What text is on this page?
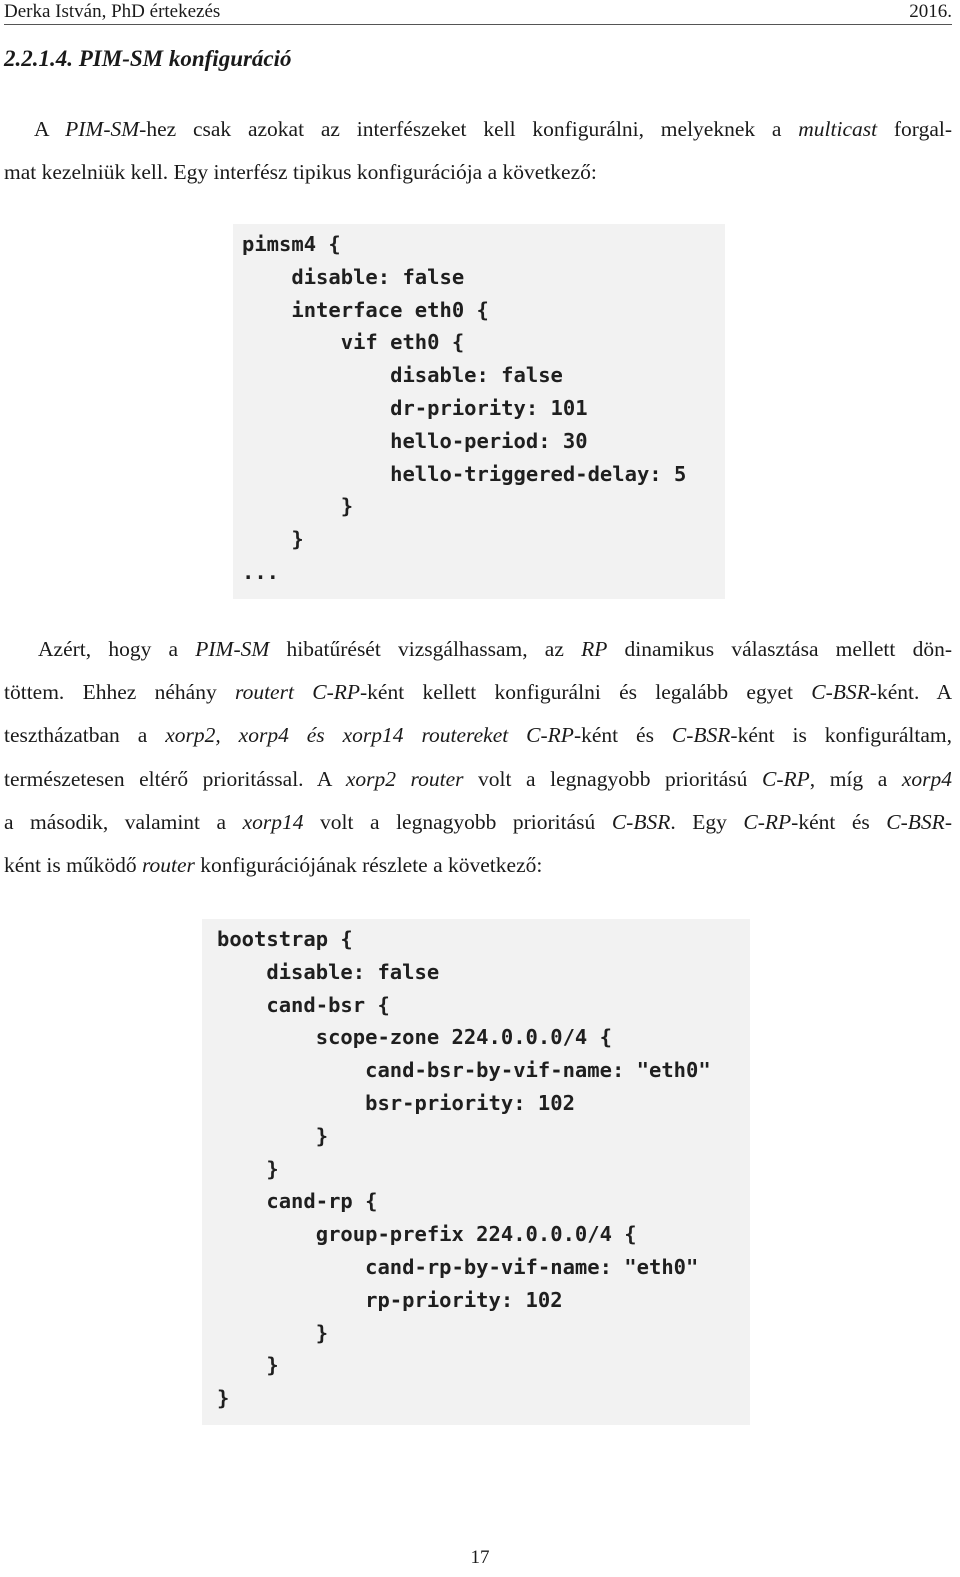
Derka István, PhD értekezés	2016.
2.2.1.4. PIM-SM konfiguráció
A PIM-SM-hez csak azokat az interfészeket kell konfigurálni, melyeknek a multicast forgal-
mat kezelniük kell. Egy interfész tipikus konfigurációja a következő:
pimsm4 {
disable: false
interface eth0 {
vif eth0 {
disable: false
dr-priority: 101
hello-period: 30
hello-triggered-delay: 5
}
}
...
Azért, hogy a PIM-SM hibatűrését vizsgálhassam, az RP dinamikus választása mellett dön-
töttem. Ehhez néhány routert C-RP-ként kellett konfigurálni és legalább egyet C-BSR-ként. A
tesztházatban a xorp2, xorp4 és xorp14 routereket C-RP-ként és C-BSR-ként is konfiguráltam,
természetesen eltérő prioritással. A xorp2 router volt a legnagyobb prioritású C-RP, míg a xorp4
a második, valamint a xorp14 volt a legnagyobb prioritású C-BSR. Egy C-RP-ként és C-BSR-
ként is működő router konfigurációjának részlete a következő:
bootstrap {
disable: false
cand-bsr {
scope-zone 224.0.0.0/4 {
cand-bsr-by-vif-name: "eth0"
bsr-priority: 102
}
}
cand-rp {
group-prefix 224.0.0.0/4 {
cand-rp-by-vif-name: "eth0"
rp-priority: 102
}
}
}
17
